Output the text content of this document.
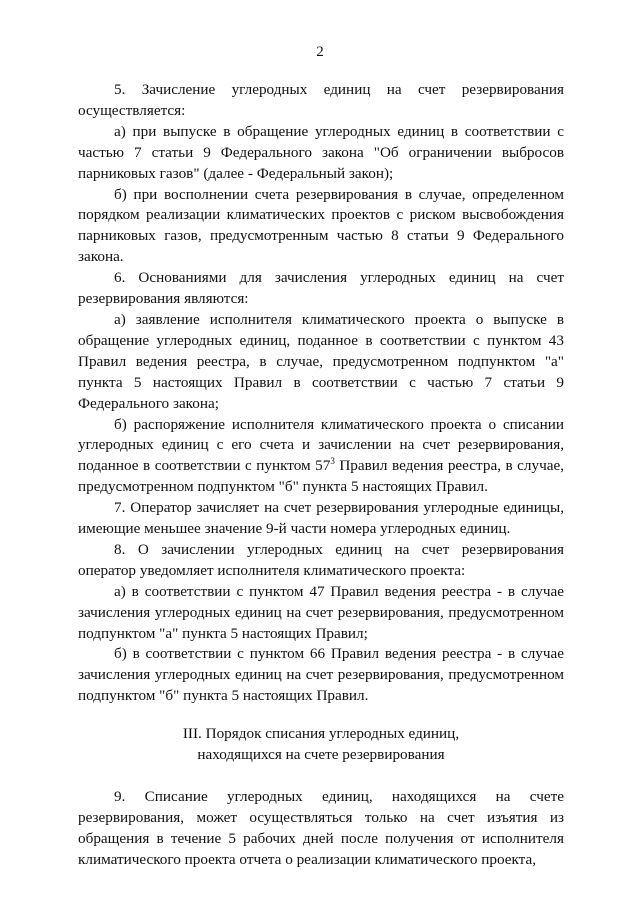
2

5. Зачисление углеродных единиц на счет резервирования осуществляется:

а) при выпуске в обращение углеродных единиц в соответствии с частью 7 статьи 9 Федерального закона "Об ограничении выбросов парниковых газов" (далее - Федеральный закон);

б) при восполнении счета резервирования в случае, определенном порядком реализации климатических проектов с риском высвобождения парниковых газов, предусмотренным частью 8 статьи 9 Федерального закона.

6. Основаниями для зачисления углеродных единиц на счет резервирования являются:

а) заявление исполнителя климатического проекта о выпуске в обращение углеродных единиц, поданное в соответствии с пунктом 43 Правил ведения реестра, в случае, предусмотренном подпунктом "а" пункта 5 настоящих Правил в соответствии с частью 7 статьи 9 Федерального закона;

б) распоряжение исполнителя климатического проекта о списании углеродных единиц с его счета и зачислении на счет резервирования, поданное в соответствии с пунктом $57^3$ Правил ведения реестра, в случае, предусмотренном подпунктом "б" пункта 5 настоящих Правил.

7. Оператор зачисляет на счет резервирования углеродные единицы, имеющие меньшее значение 9-й части номера углеродных единиц.

8. О зачислении углеродных единиц на счет резервирования оператор уведомляет исполнителя климатического проекта:

а) в соответствии с пунктом 47 Правил ведения реестра - в случае зачисления углеродных единиц на счет резервирования, предусмотренном подпунктом "а" пункта 5 настоящих Правил;

б) в соответствии с пунктом 66 Правил ведения реестра - в случае зачисления углеродных единиц на счет резервирования, предусмотренном подпунктом "б" пункта 5 настоящих Правил.

III. Порядок списания углеродных единиц,
находящихся на счете резервирования

9. Списание углеродных единиц, находящихся на счете резервирования, может осуществляться только на счет изъятия из обращения в течение 5 рабочих дней после получения от исполнителя климатического проекта отчета о реализации климатического проекта,
